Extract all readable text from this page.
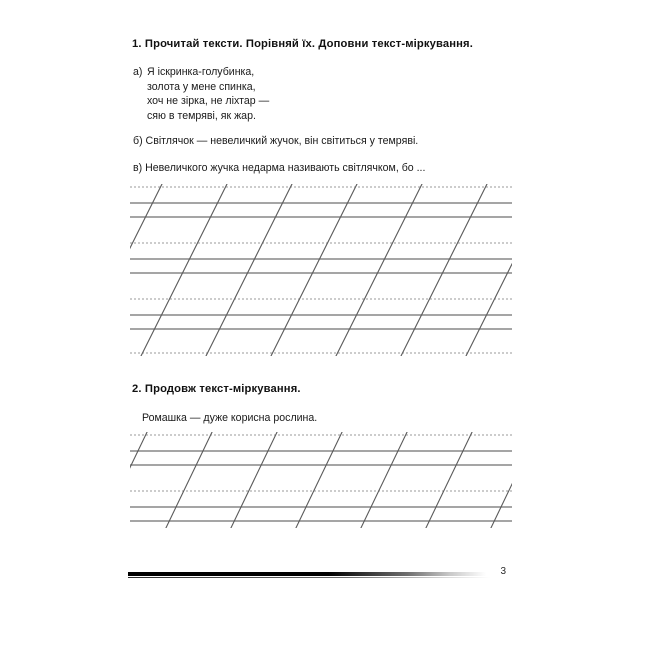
1. Прочитай тексти. Порівняй їх. Доповни текст-міркування.
а) Я іскринка-голубинка,
золота у мене спинка,
хоч не зірка, не ліхтар —
сяю в темряві, як жар.
б) Світлячок — невеличкий жучок, він світиться у темряві.
в) Невеличкого жучка недарма називають світлячком, бо ...
2. Продовж текст-міркування.
Ромашка — дуже корисна рослина.
3
